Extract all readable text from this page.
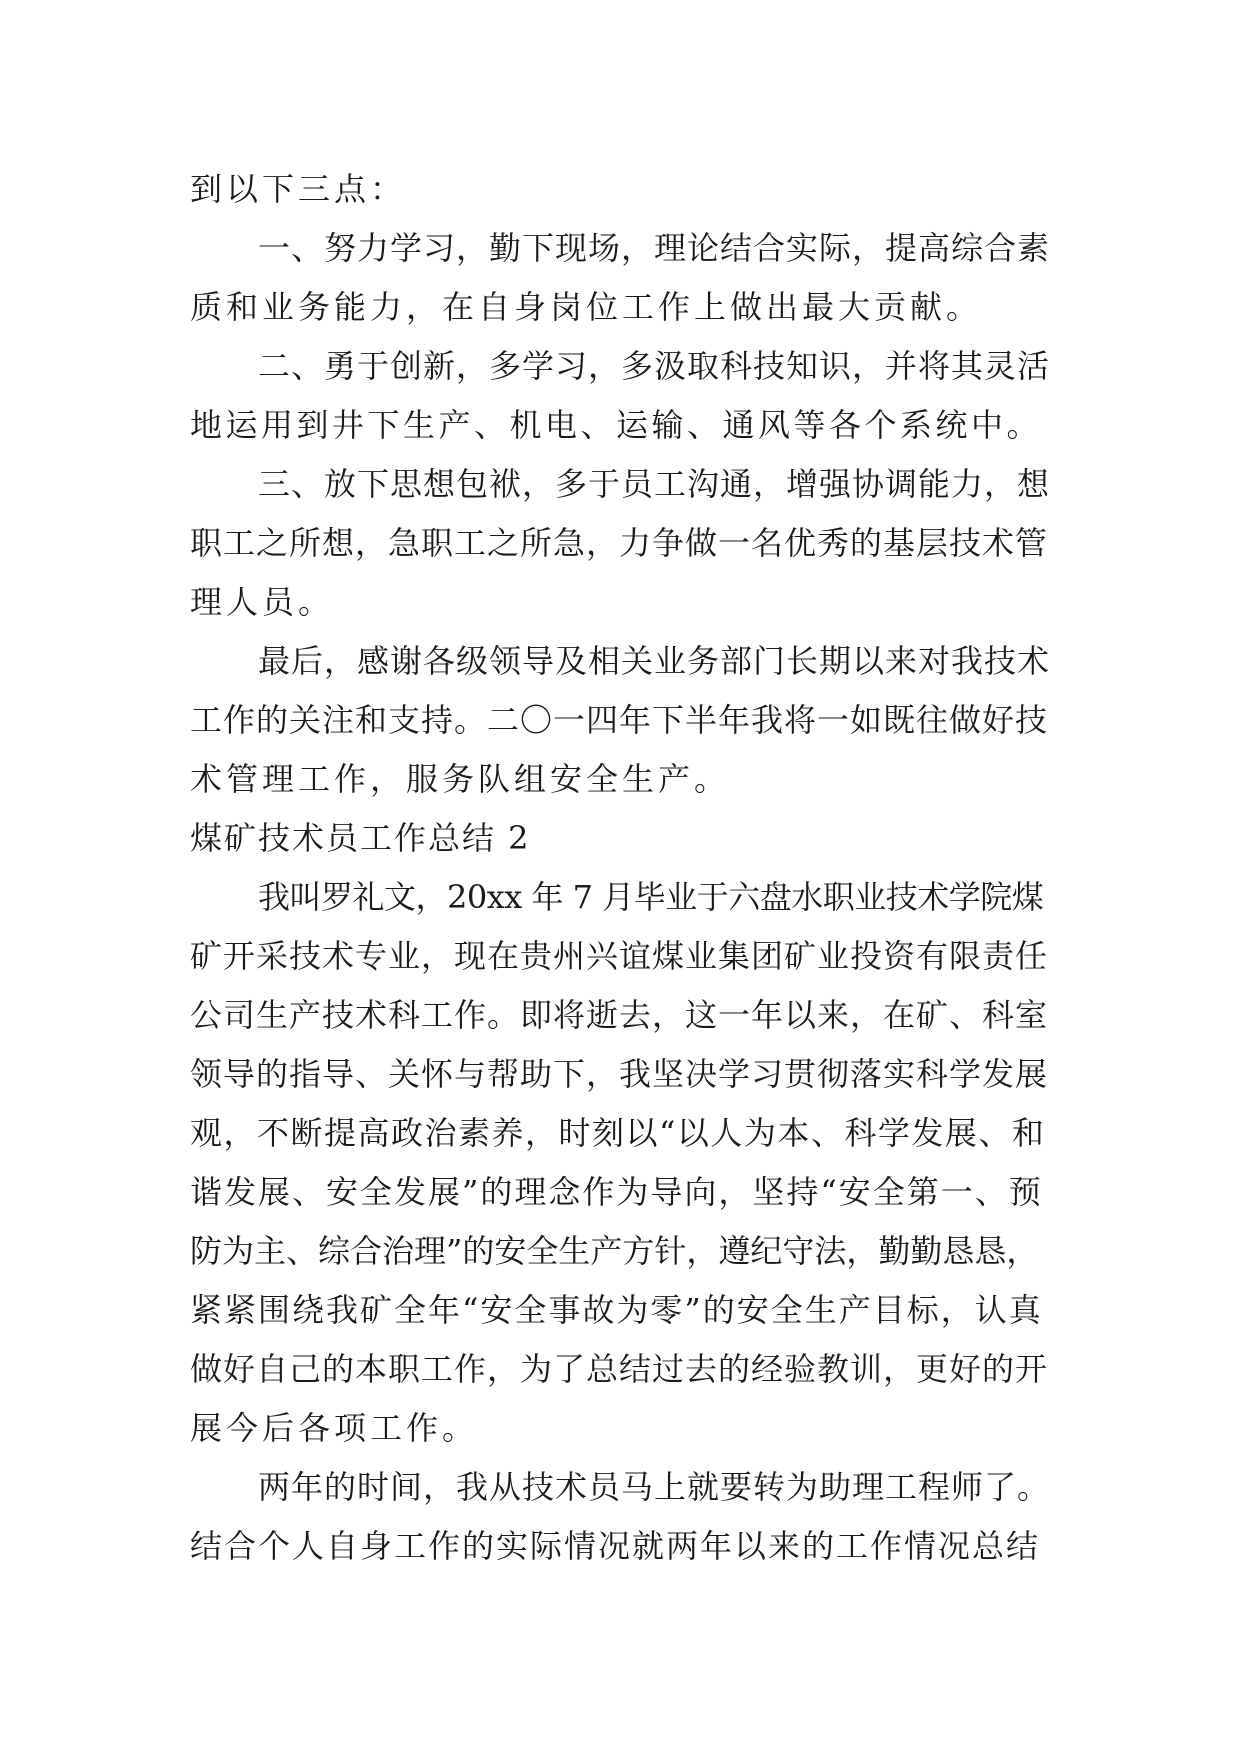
到以下三点：
一、努力学习，勤下现场，理论结合实际，提高综合素
质和业务能力，在自身岗位工作上做出最大贡献。
二、勇于创新，多学习，多汲取科技知识，并将其灵活
地运用到井下生产、机电、运输、通风等各个系统中。
三、放下思想包袱，多于员工沟通，增强协调能力，想
职工之所想，急职工之所急，力争做一名优秀的基层技术管
理人员。
最后，感谢各级领导及相关业务部门长期以来对我技术
工作的关注和支持。二〇一四年下半年我将一如既往做好技
术管理工作，服务队组安全生产。
煤矿技术员工作总结 2
我叫罗礼文，20xx 年 7 月毕业于六盘水职业技术学院煤
矿开采技术专业，现在贵州兴谊煤业集团矿业投资有限责任
公司生产技术科工作。即将逝去，这一年以来，在矿、科室
领导的指导、关怀与帮助下，我坚决学习贯彻落实科学发展
观，不断提高政治素养，时刻以“以人为本、科学发展、和
谐发展、安全发展”的理念作为导向，坚持“安全第一、预
防为主、综合治理”的安全生产方针，遵纪守法，勤勤恳恳，
紧紧围绕我矿全年“安全事故为零”的安全生产目标，认真
做好自己的本职工作，为了总结过去的经验教训，更好的开
展今后各项工作。
两年的时间，我从技术员马上就要转为助理工程师了。
结合个人自身工作的实际情况就两年以来的工作情况总结
